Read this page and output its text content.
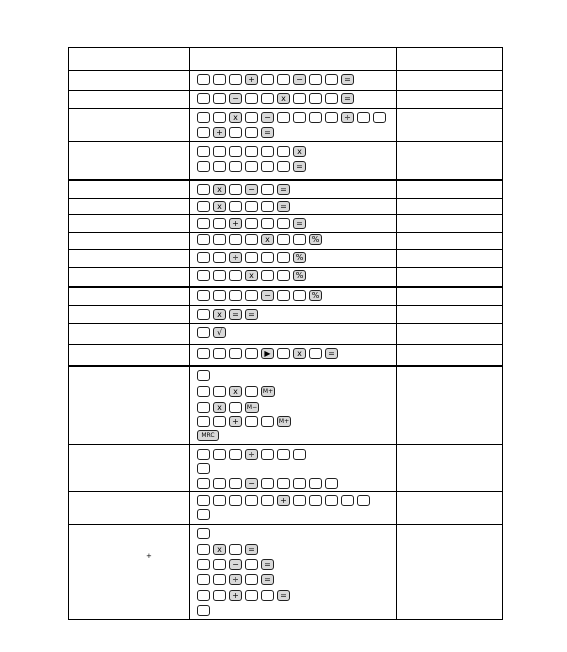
+	−	=
−	x	=
x	−	÷
+	=
x
=
x	−	=
x	=
+	=
x	%
÷	%
x	%
−	%
x	=	=
√
▶	x	=
x	M+
x	M−
+	M+
MRC
÷
−
+
x	=
−	=
÷	=
+	=
+
